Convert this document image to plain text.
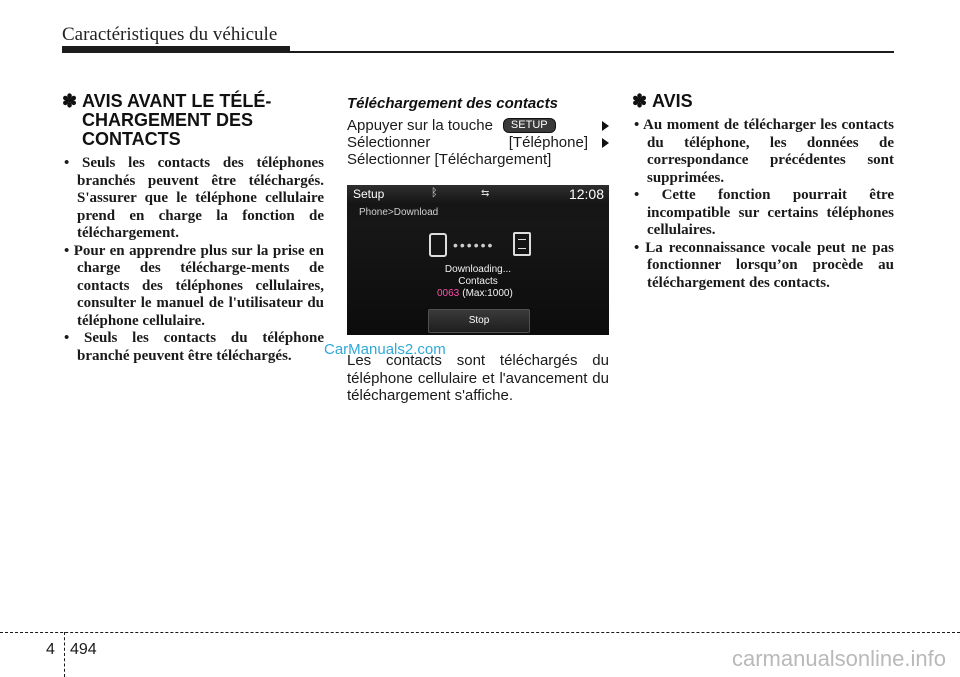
Caractéristiques du véhicule
✽ AVIS AVANT LE TÉLÉ-
CHARGEMENT DES
CONTACTS
• Seuls les contacts des téléphones branchés peuvent être téléchargés. S'assurer que le téléphone cellulaire prend en charge la fonction de téléchargement.
• Pour en apprendre plus sur la prise en charge des télécharge-ments de contacts des téléphones cellulaires, consulter le manuel de l'utilisateur du téléphone cellulaire.
• Seuls les contacts du téléphone branché peuvent être téléchargés.
Téléchargement des contacts
Appuyer sur la touche	SETUP
Sélectionner	[Téléphone]
Sélectionner [Téléchargement]
Setup	ᛒ	⇆	12:08
Phone>Download
••••••
Downloading...
Contacts
0063 (Max:1000)
Stop
Les contacts sont téléchargés du téléphone cellulaire et l'avancement du téléchargement s'affiche.
CarManuals2.com
✽ AVIS
• Au moment de télécharger les contacts du téléphone, les données de correspondance précédentes sont supprimées.
• Cette fonction pourrait être incompatible sur certains téléphones cellulaires.
• La reconnaissance vocale peut ne pas fonctionner lorsqu’on procède au téléchargement des contacts.
4 494	carmanualsonline.info
